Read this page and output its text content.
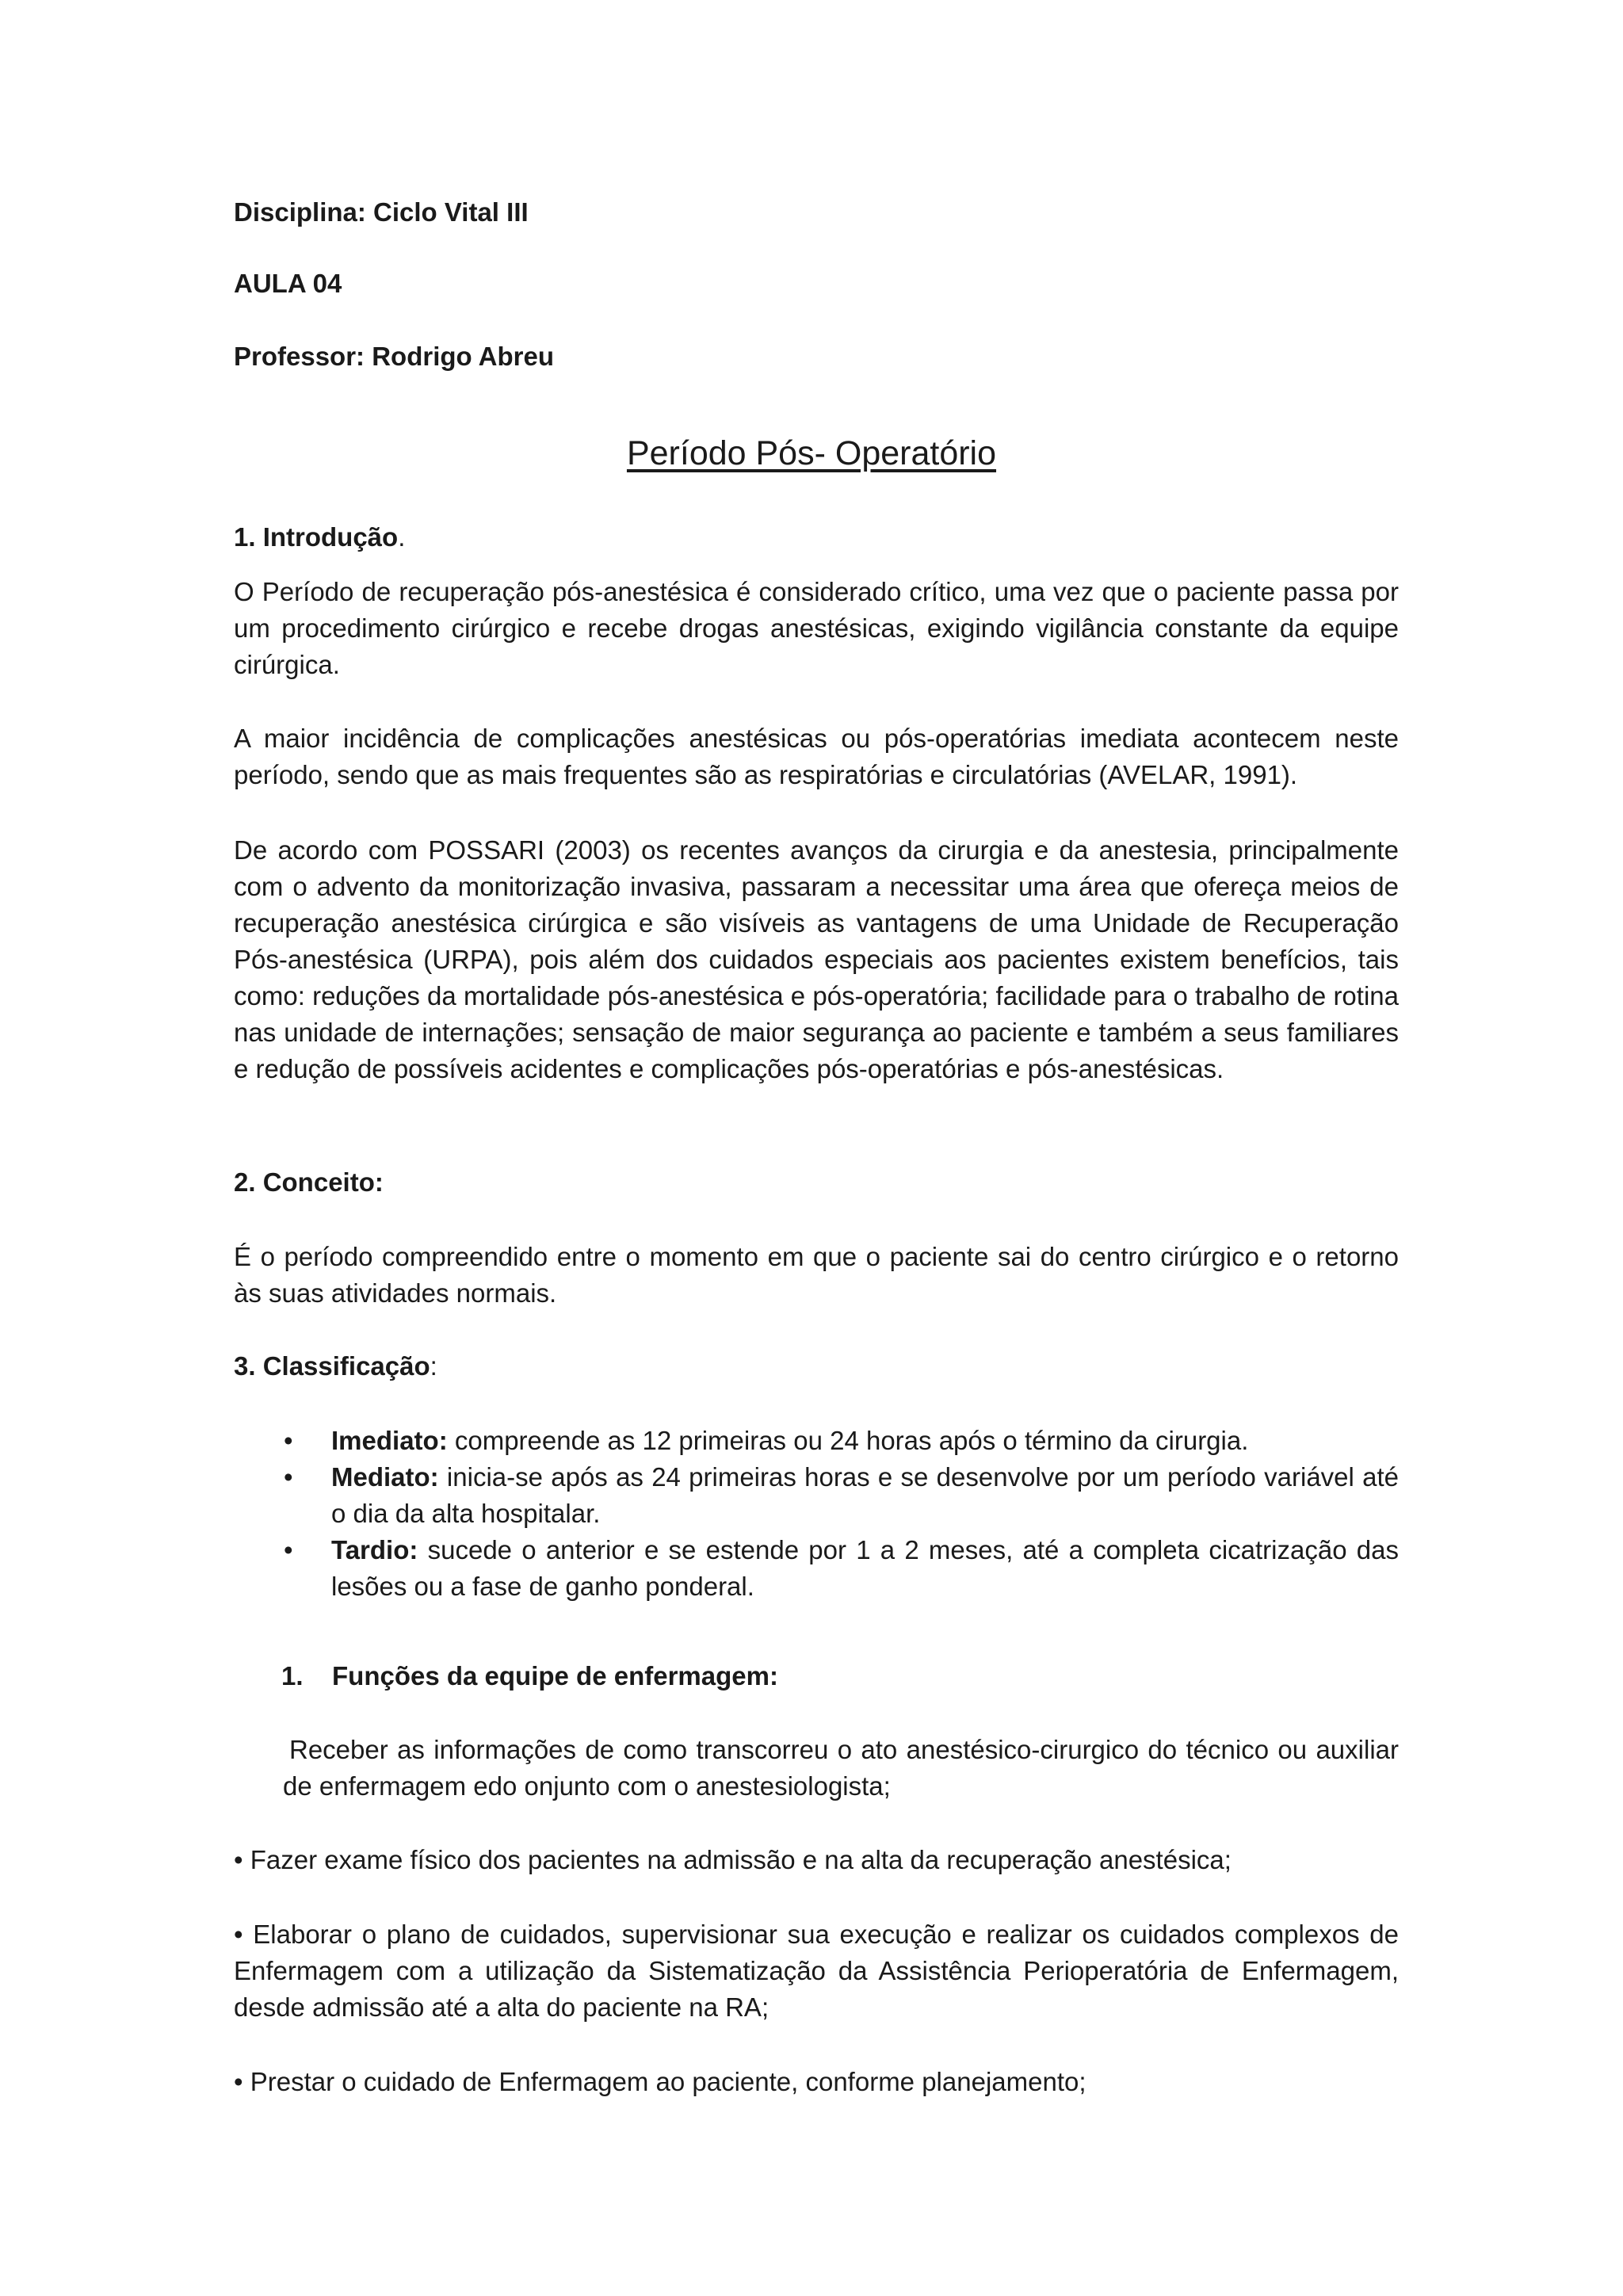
Disciplina: Ciclo Vital III
AULA 04
Professor: Rodrigo Abreu
Período Pós- Operatório
1. Introdução.
O Período de recuperação pós-anestésica é considerado crítico, uma vez que o paciente passa por um procedimento cirúrgico e recebe drogas anestésicas, exigindo vigilância constante da equipe cirúrgica.
A maior incidência de complicações anestésicas ou pós-operatórias imediata acontecem neste período, sendo que as mais frequentes são as respiratórias e circulatórias (AVELAR, 1991).
De acordo com POSSARI (2003) os recentes avanços da cirurgia e da anestesia, principalmente com o advento da monitorização invasiva, passaram a necessitar uma área que ofereça meios de recuperação anestésica cirúrgica e são visíveis as vantagens de uma Unidade de Recuperação Pós-anestésica (URPA), pois além dos cuidados especiais aos pacientes existem benefícios, tais como: reduções da mortalidade pós-anestésica e pós-operatória; facilidade para o trabalho de rotina nas unidade de internações; sensação de maior segurança ao paciente e também a seus familiares e redução de possíveis acidentes e complicações pós-operatórias e pós-anestésicas.
2. Conceito:
É o período compreendido entre o momento em que o paciente sai do centro cirúrgico e o retorno às suas atividades normais.
3. Classificação:
• Imediato: compreende as 12 primeiras ou 24 horas após o término da cirurgia.
• Mediato: inicia-se após as 24 primeiras horas e se desenvolve por um período variável até o dia da alta hospitalar.
• Tardio: sucede o anterior e se estende por 1 a 2 meses, até a completa cicatrização das lesões ou a fase de ganho ponderal.
1. Funções da equipe de enfermagem:
Receber as informações de como transcorreu o ato anestésico-cirurgico do técnico ou auxiliar de enfermagem edo onjunto com o anestesiologista;
• Fazer exame físico dos pacientes na admissão e na alta da recuperação anestésica;
• Elaborar o plano de cuidados, supervisionar sua execução e realizar os cuidados complexos de Enfermagem com a utilização da Sistematização da Assistência Perioperatória de Enfermagem, desde admissão até a alta do paciente na RA;
• Prestar o cuidado de Enfermagem ao paciente, conforme planejamento;
